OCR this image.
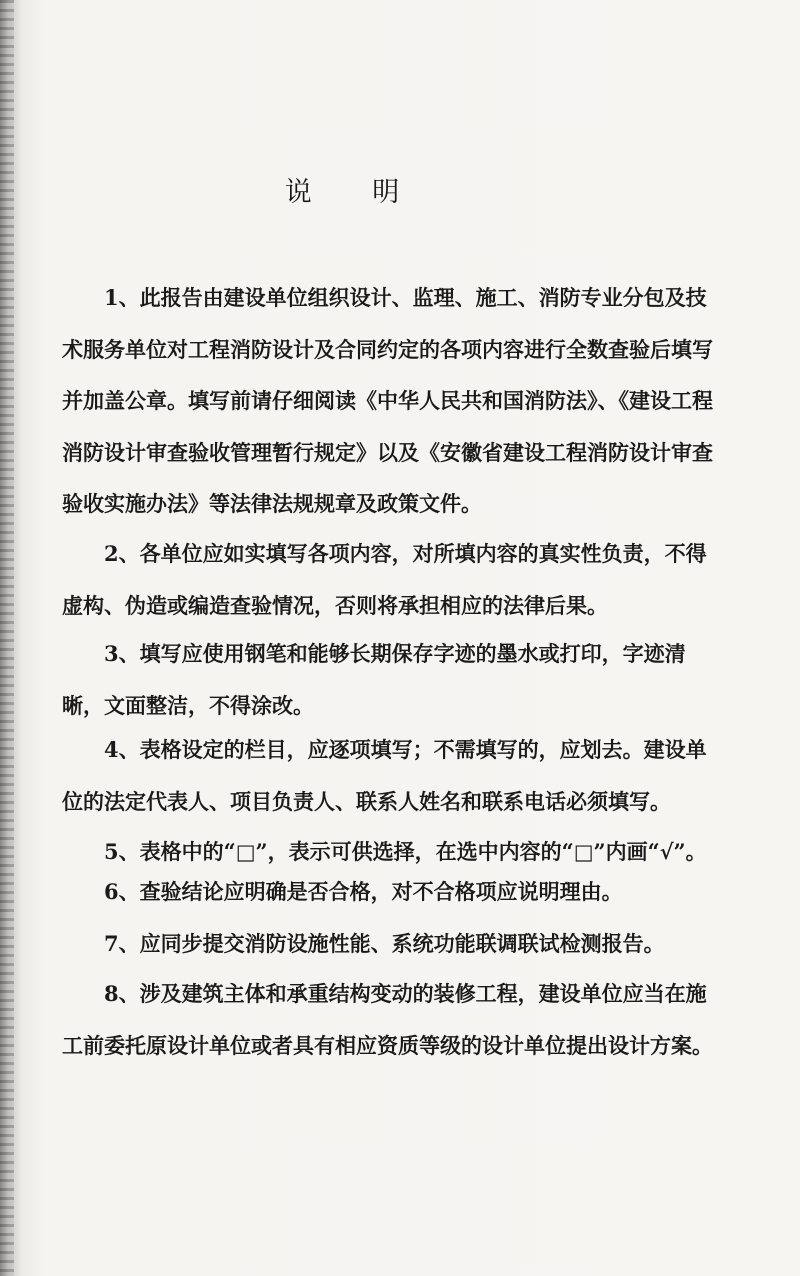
说 明
1、此报告由建设单位组织设计、监理、施工、消防专业分包及技术服务单位对工程消防设计及合同约定的各项内容进行全数查验后填写并加盖公章。填写前请仔细阅读《中华人民共和国消防法》、《建设工程消防设计审查验收管理暂行规定》以及《安徽省建设工程消防设计审查验收实施办法》等法律法规规章及政策文件。
2、各单位应如实填写各项内容，对所填内容的真实性负责，不得虚构、伪造或编造查验情况，否则将承担相应的法律后果。
3、填写应使用钢笔和能够长期保存字迹的墨水或打印，字迹清晰，文面整洁，不得涂改。
4、表格设定的栏目，应逐项填写；不需填写的，应划去。建设单位的法定代表人、项目负责人、联系人姓名和联系电话必须填写。
5、表格中的“□”，表示可供选择，在选中内容的“□”内画“√”。
6、查验结论应明确是否合格，对不合格项应说明理由。
7、应同步提交消防设施性能、系统功能联调联试检测报告。
8、涉及建筑主体和承重结构变动的装修工程，建设单位应当在施工前委托原设计单位或者具有相应资质等级的设计单位提出设计方案。
